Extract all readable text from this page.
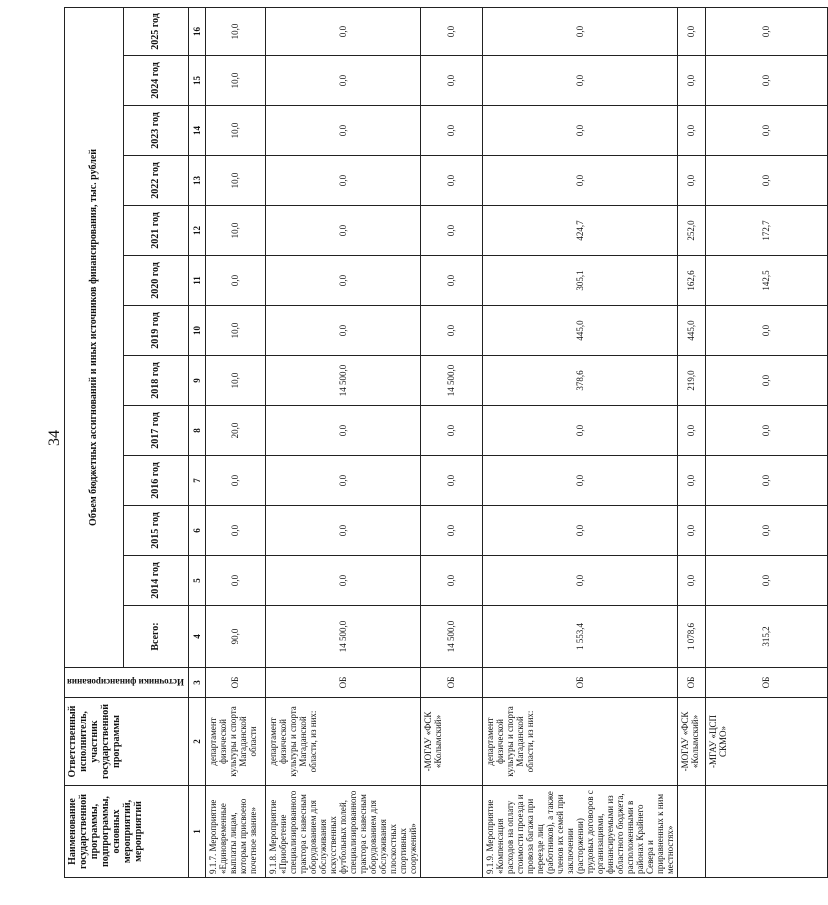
34
Наименование государственной программы, подпрограммы, основных мероприятий, мероприятий	Ответственный исполнитель, участник государственной программы	Источники финансирования	Объем бюджетных ассигнований и иных источников финансирования, тыс. рублей												
			Всего:	2014 год	2015 год	2016 год	2017 год	2018 год	2019 год	2020 год	2021 год	2022 год	2023 год	2024 год	2025 год
1	2	3	4	5	6	7	8	9	10	11	12	13	14	15	16
9.1.7. Мероприятие «Единовременные выплаты лицам, которым присвоено почетное звание»	департамент физической культуры и спорта Магаданской области	ОБ	90,0	0,0	0,0	0,0	20,0	10,0	10,0	0,0	10,0	10,0	10,0	10,0	10,0
9.1.8. Мероприятие «Приобретение специализированного трактора с навесным оборудованием для обслуживания искусственных футбольных полей, специализированного трактора с навесным оборудованием для обслуживания плоскостных спортивных сооружений»	департамент физической культуры и спорта Магаданской области, из них:	ОБ	14 500,0	0,0	0,0	0,0	0,0	14 500,0	0,0	0,0	0,0	0,0	0,0	0,0	0,0
	-МОГАУ «ФСК «Колымский»	ОБ	14 500,0	0,0	0,0	0,0	0,0	14 500,0	0,0	0,0	0,0	0,0	0,0	0,0	0,0
9.1.9. Мероприятие «Компенсация расходов на оплату стоимости проезда и провоза багажа при переезде лиц (работников), а также членов их семей при заключении (расторжении) трудовых договоров с организациями, финансируемыми из областного бюджета, расположенными в районах Крайнего Севера и приравненных к ним местностях»	департамент физической культуры и спорта Магаданской области, из них:	ОБ	1 553,4	0,0	0,0	0,0	0,0	378,6	445,0	305,1	424,7	0,0	0,0	0,0	0,0
	-МОГАУ «ФСК «Колымский»	ОБ	1 078,6	0,0	0,0	0,0	0,0	219,0	445,0	162,6	252,0	0,0	0,0	0,0	0,0
	-МГАУ «ЦСП СКМО»	ОБ	315,2	0,0	0,0	0,0	0,0	0,0	0,0	142,5	172,7	0,0	0,0	0,0	0,0
